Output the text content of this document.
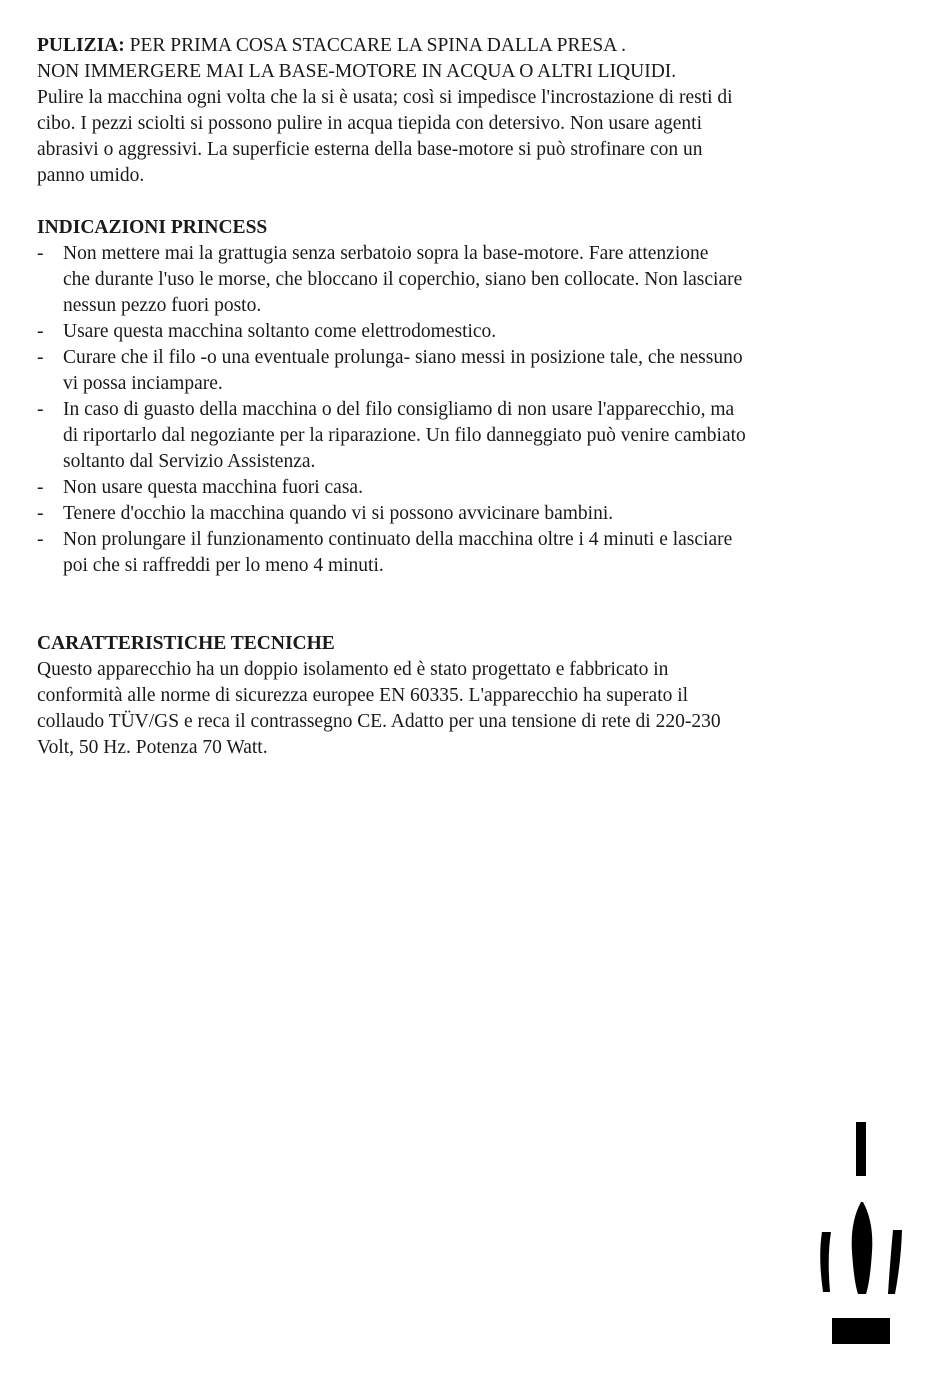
PULIZIA: PER PRIMA COSA STACCARE LA SPINA DALLA PRESA .
NON IMMERGERE MAI LA BASE-MOTORE IN ACQUA O ALTRI LIQUIDI.
Pulire la macchina ogni volta che la si è usata; così si impedisce l'incrostazione di resti di
cibo. I pezzi sciolti si possono pulire in acqua tiepida con detersivo. Non usare agenti
abrasivi o aggressivi. La superficie esterna della base-motore si può strofinare con un
panno umido.
INDICAZIONI PRINCESS
- Non mettere mai la grattugia senza serbatoio sopra la base-motore. Fare attenzione
che durante l'uso le morse, che bloccano il coperchio, siano ben collocate. Non lasciare
nessun pezzo fuori posto.
- Usare questa macchina soltanto come elettrodomestico.
- Curare che il filo -o una eventuale prolunga- siano messi in posizione tale, che nessuno
vi possa inciampare.
- In caso di guasto della macchina o del filo consigliamo di non usare l'apparecchio, ma
di riportarlo dal negoziante per la riparazione. Un filo danneggiato può venire cambiato
soltanto dal Servizio Assistenza.
- Non usare questa macchina fuori casa.
- Tenere d'occhio la macchina quando vi si possono avvicinare bambini.
- Non prolungare il funzionamento continuato della macchina oltre i 4 minuti e lasciare
poi che si raffreddi per lo meno 4 minuti.
CARATTERISTICHE TECNICHE
Questo apparecchio ha un doppio isolamento ed è stato progettato e fabbricato in
conformità alle norme di sicurezza europee EN 60335. L'apparecchio ha superato il
collaudo TÜV/GS e reca il contrassegno CE. Adatto per una tensione di rete di 220-230
Volt, 50 Hz. Potenza 70 Watt.
